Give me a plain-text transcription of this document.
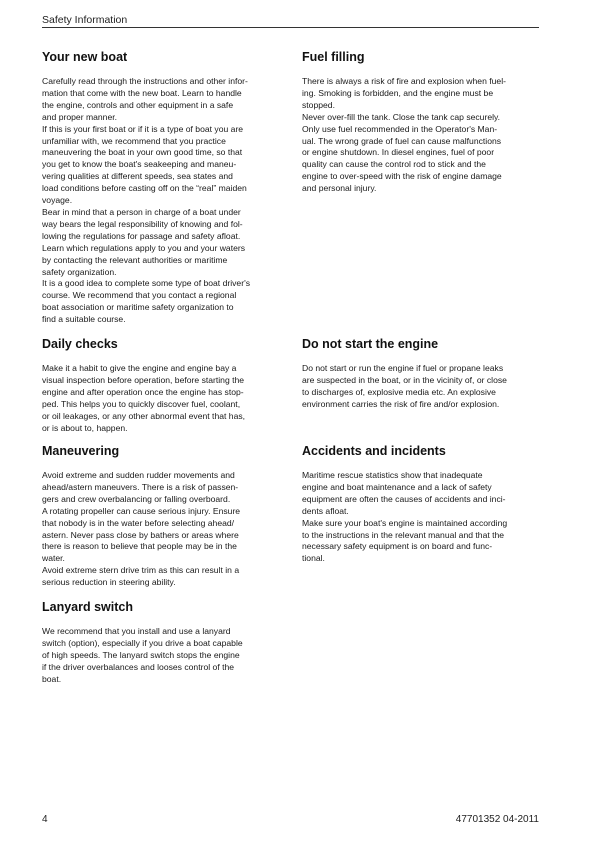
Safety Information
Your new boat

Carefully read through the instructions and other infor-

mation that come with the new boat. Learn to handle

the engine, controls and other equipment in a safe

and proper manner.

If this is your first boat or if it is a type of boat you are

unfamiliar with, we recommend that you practice

maneuvering the boat in your own good time, so that

you get to know the boat's seakeeping and maneu-

vering qualities at different speeds, sea states and

load conditions before casting off on the “real” maiden

voyage.

Bear in mind that a person in charge of a boat under

way bears the legal responsibility of knowing and fol-

lowing the regulations for passage and safety afloat.

Learn which regulations apply to you and your waters

by contacting the relevant authorities or maritime

safety organization.

It is a good idea to complete some type of boat driver's

course. We recommend that you contact a regional

boat association or maritime safety organization to

find a suitable course.

Daily checks

Make it a habit to give the engine and engine bay a

visual inspection before operation, before starting the

engine and after operation once the engine has stop-

ped. This helps you to quickly discover fuel, coolant,

or oil leakages, or any other abnormal event that has,

or is about to, happen.

Maneuvering

Avoid extreme and sudden rudder movements and

ahead/astern maneuvers. There is a risk of passen-

gers and crew overbalancing or falling overboard.

A rotating propeller can cause serious injury. Ensure

that nobody is in the water before selecting ahead/

astern. Never pass close by bathers or areas where

there is reason to believe that people may be in the

water.

Avoid extreme stern drive trim as this can result in a

serious reduction in steering ability.

Lanyard switch

We recommend that you install and use a lanyard

switch (option), especially if you drive a boat capable

of high speeds. The lanyard switch stops the engine

if the driver overbalances and looses control of the

boat.

Fuel filling

There is always a risk of fire and explosion when fuel-

ing. Smoking is forbidden, and the engine must be

stopped.

Never over-fill the tank. Close the tank cap securely.

Only use fuel recommended in the Operator's Man-

ual. The wrong grade of fuel can cause malfunctions

or engine shutdown. In diesel engines, fuel of poor

quality can cause the control rod to stick and the

engine to over-speed with the risk of engine damage

and personal injury.

Do not start the engine

Do not start or run the engine if fuel or propane leaks

are suspected in the boat, or in the vicinity of, or close

to discharges of, explosive media etc. An explosive

environment carries the risk of fire and/or explosion.

Accidents and incidents

Maritime rescue statistics show that inadequate

engine and boat maintenance and a lack of safety

equipment are often the causes of accidents and inci-

dents afloat.

Make sure your boat's engine is maintained according

to the instructions in the relevant manual and that the

necessary safety equipment is on board and func-

tional.

4	47701352 04-2011
